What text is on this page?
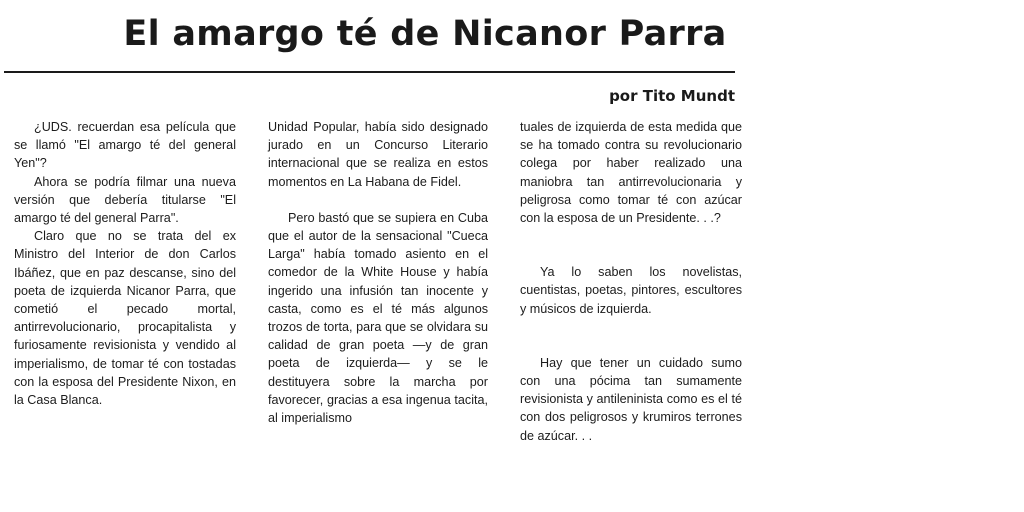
El amargo té de Nicanor Parra
por Tito Mundt

¿UDS. recuerdan esa película que se llamó "El amargo té del general Yen"?

Ahora se podría filmar una nueva versión que debería titularse "El amargo té del general Parra".

Claro que no se trata del ex Ministro del Interior de don Carlos Ibáñez, que en paz descanse, sino del poeta de izquierda Nicanor Parra, que cometió el pecado mortal, antirrevolucionario, procapitalista y furiosamente revisionista y vendido al imperialismo, de tomar té con tostadas con la esposa del Presidente Nixon, en la Casa Blanca.

Unidad Popular, había sido designado jurado en un Concurso Literario internacional que se realiza en estos momentos en La Habana de Fidel.

Pero bastó que se supiera en Cuba que el autor de la sensacional "Cueca Larga" había tomado asiento en el comedor de la White House y había ingerido una infusión tan inocente y casta, como es el té más algunos trozos de torta, para que se olvidara su calidad de gran poeta —y de gran poeta de izquierda— y se le destituyera sobre la marcha por favorecer, gracias a esa ingenua tacita, al imperialismo

tuales de izquierda de esta medida que se ha tomado contra su revolucionario colega por haber realizado una maniobra tan antirrevolucionaria y peligrosa como tomar té con azúcar con la esposa de un Presidente. . .?

Ya lo saben los novelistas, cuentistas, poetas, pintores, escultores y músicos de izquierda.

Hay que tener un cuidado sumo con una pócima tan sumamente revisionista y antileninista como es el té con dos peligrosos y krumiros terrones de azúcar. . .
